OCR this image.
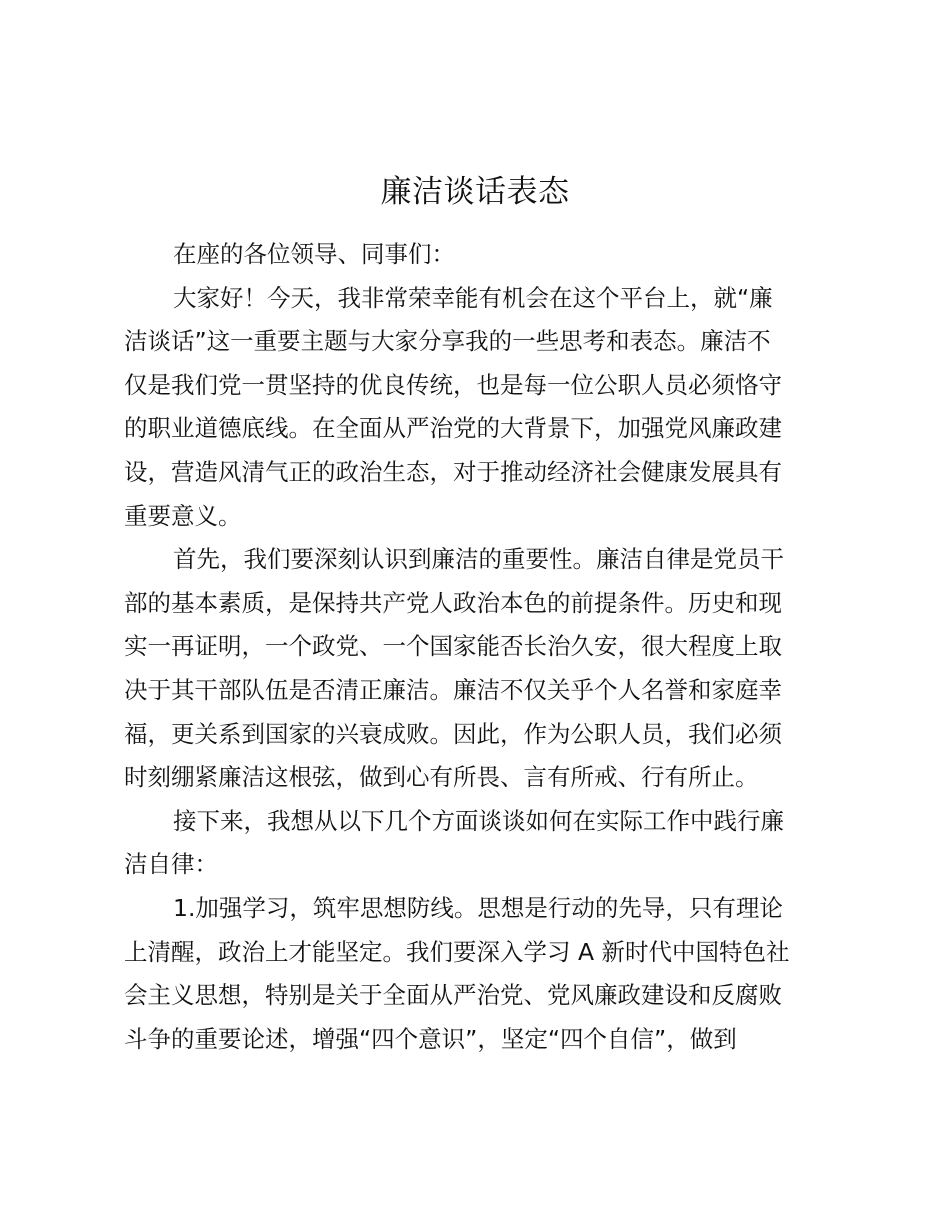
廉洁谈话表态
在座的各位领导、同事们：
大家好！今天，我非常荣幸能有机会在这个平台上，就“廉
洁谈话”这一重要主题与大家分享我的一些思考和表态。廉洁不
仅是我们党一贯坚持的优良传统，也是每一位公职人员必须恪守
的职业道德底线。在全面从严治党的大背景下，加强党风廉政建
设，营造风清气正的政治生态，对于推动经济社会健康发展具有
重要意义。
首先，我们要深刻认识到廉洁的重要性。廉洁自律是党员干
部的基本素质，是保持共产党人政治本色的前提条件。历史和现
实一再证明，一个政党、一个国家能否长治久安，很大程度上取
决于其干部队伍是否清正廉洁。廉洁不仅关乎个人名誉和家庭幸
福，更关系到国家的兴衰成败。因此，作为公职人员，我们必须
时刻绷紧廉洁这根弦，做到心有所畏、言有所戒、行有所止。
接下来，我想从以下几个方面谈谈如何在实际工作中践行廉
洁自律：
1.加强学习，筑牢思想防线。思想是行动的先导，只有理论
上清醒，政治上才能坚定。我们要深入学习 A 新时代中国特色社
会主义思想，特别是关于全面从严治党、党风廉政建设和反腐败
斗争的重要论述，增强“四个意识”，坚定“四个自信”，做到
